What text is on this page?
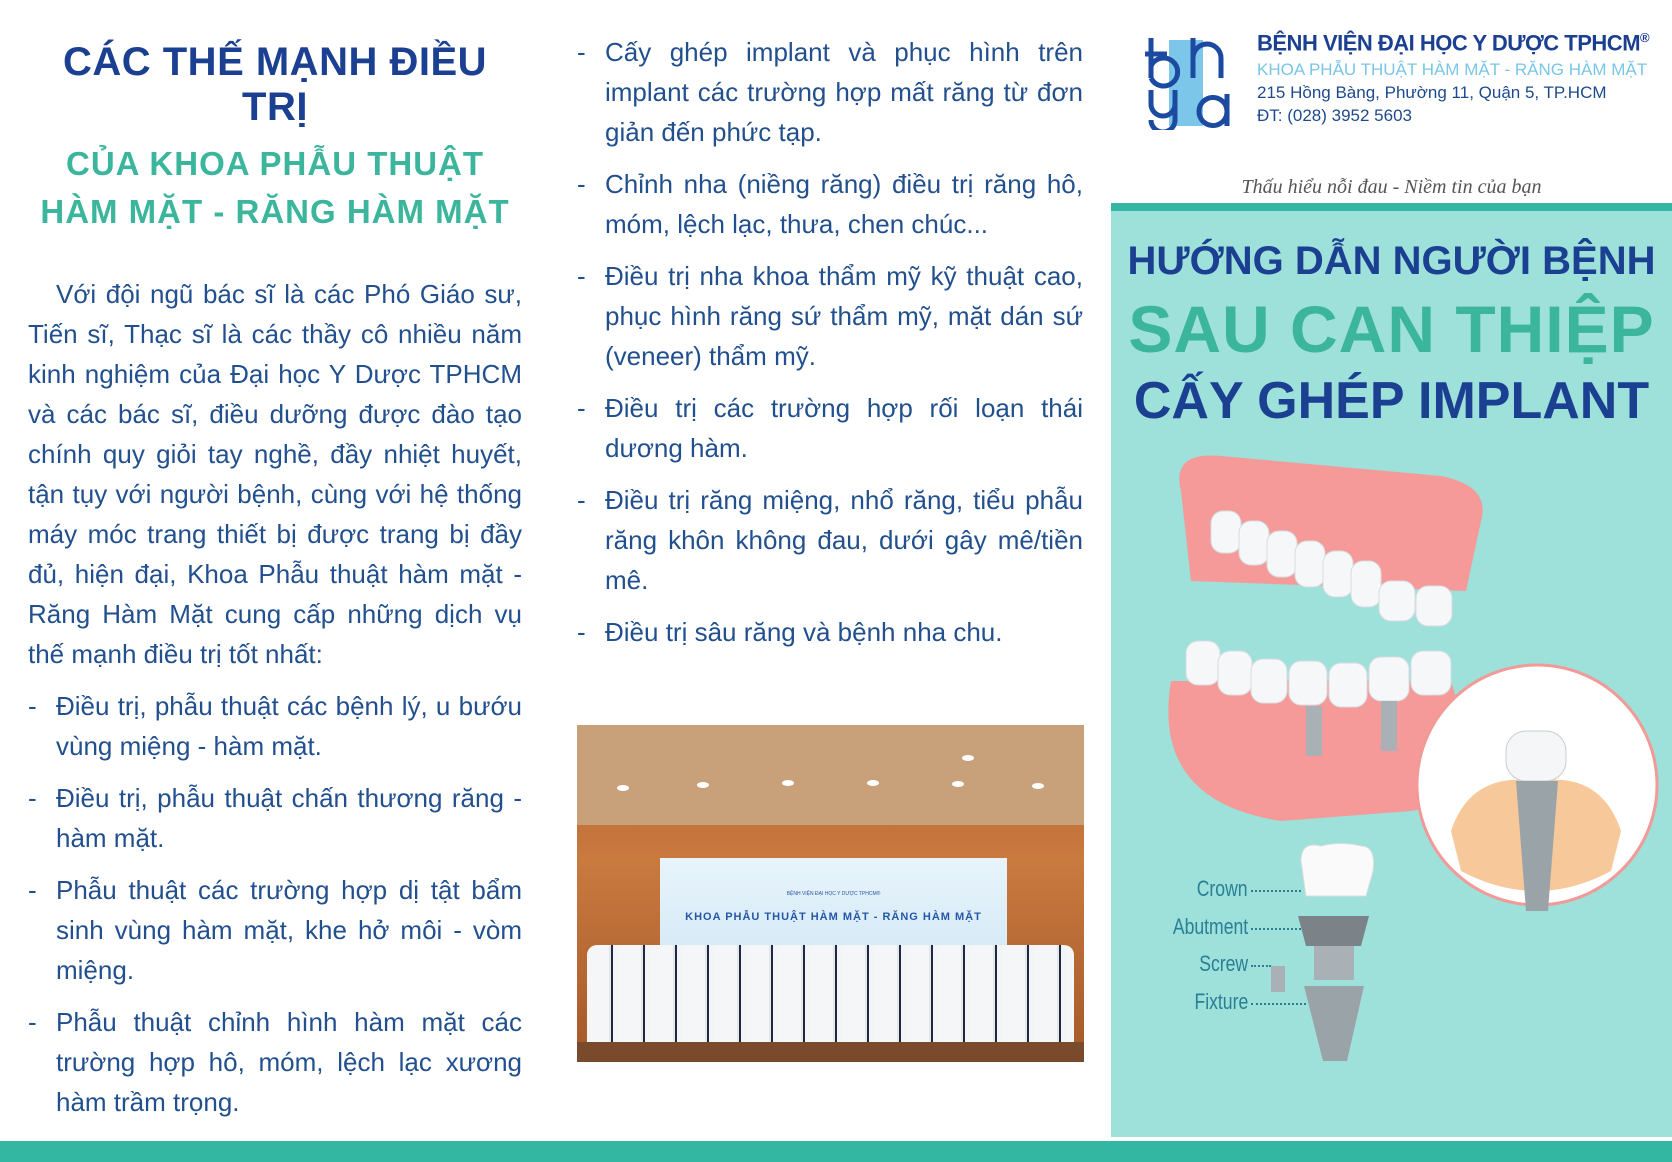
CÁC THẾ MẠNH ĐIỀU TRỊ
CỦA KHOA PHẪU THUẬT
HÀM MẶT - RĂNG HÀM MẶT

Với đội ngũ bác sĩ là các Phó Giáo sư, Tiến sĩ, Thạc sĩ là các thầy cô nhiều năm kinh nghiệm của Đại học Y Dược TPHCM và các bác sĩ, điều dưỡng được đào tạo chính quy giỏi tay nghề, đầy nhiệt huyết, tận tụy với người bệnh, cùng với hệ thống máy móc trang thiết bị được trang bị đầy đủ, hiện đại, Khoa Phẫu thuật hàm mặt - Răng Hàm Mặt cung cấp những dịch vụ thế mạnh điều trị tốt nhất:

- Điều trị, phẫu thuật các bệnh lý, u bướu vùng miệng - hàm mặt.
- Điều trị, phẫu thuật chấn thương răng - hàm mặt.
- Phẫu thuật các trường hợp dị tật bẩm sinh vùng hàm mặt, khe hở môi - vòm miệng.
- Phẫu thuật chỉnh hình hàm mặt các trường hợp hô, móm, lệch lạc xương hàm trầm trọng.
- Cấy ghép implant và phục hình trên implant các trường hợp mất răng từ đơn giản đến phức tạp.
- Chỉnh nha (niềng răng) điều trị răng hô, móm, lệch lạc, thưa, chen chúc...
- Điều trị nha khoa thẩm mỹ kỹ thuật cao, phục hình răng sứ thẩm mỹ, mặt dán sứ (veneer) thẩm mỹ.
- Điều trị các trường hợp rối loạn thái dương hàm.
- Điều trị răng miệng, nhổ răng, tiểu phẫu răng khôn không đau, dưới gây mê/tiền mê.
- Điều trị sâu răng và bệnh nha chu.
BỆNH VIỆN ĐẠI HỌC Y DƯỢC TPHCM®
KHOA PHẪU THUẬT HÀM MẶT - RĂNG HÀM MẶT
BỆNH VIỆN ĐẠI HỌC Y DƯỢC TPHCM®
KHOA PHẪU THUẬT HÀM MẶT - RĂNG HÀM MẶT
215 Hồng Bàng, Phường 11, Quận 5, TP.HCM
ĐT: (028) 3952 5603
Thấu hiểu nỗi đau - Niềm tin của bạn
HƯỚNG DẪN NGƯỜI BỆNH
SAU CAN THIỆP
CẤY GHÉP IMPLANT
Crown
Abutment
Screw
Fixture
